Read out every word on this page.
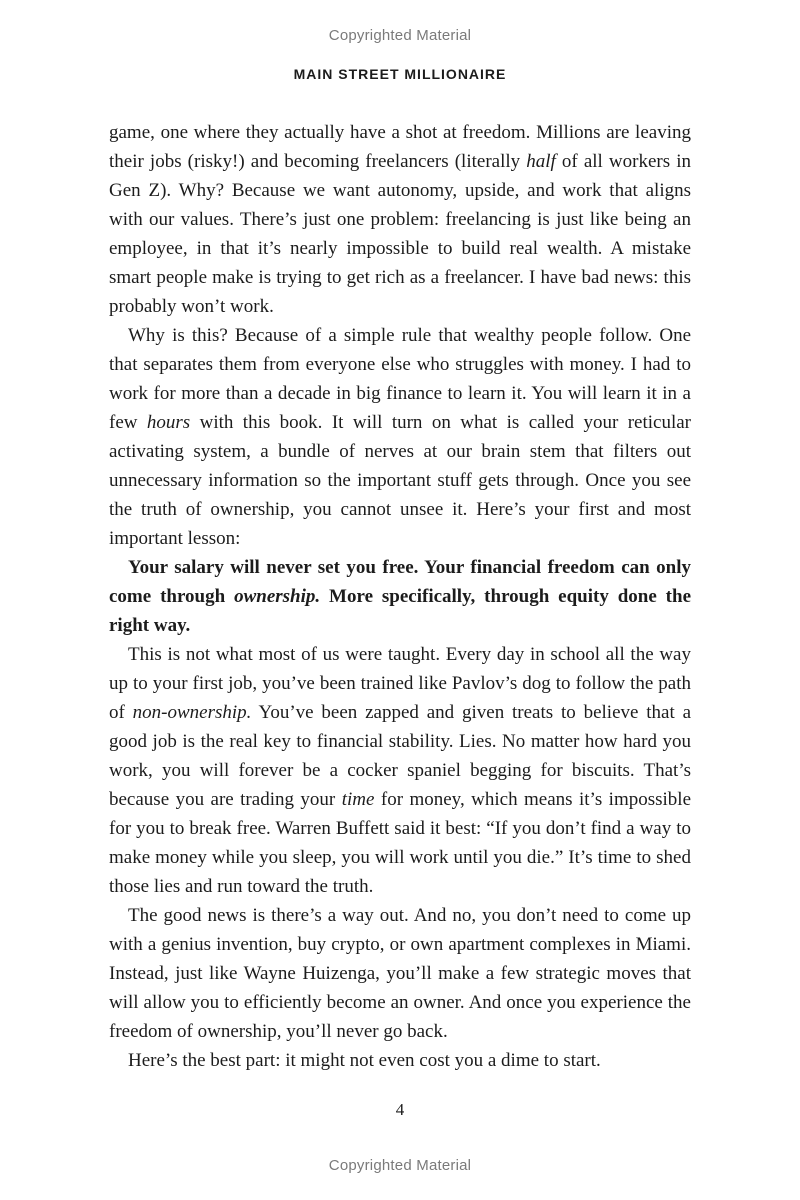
Copyrighted Material
MAIN STREET MILLIONAIRE

game, one where they actually have a shot at freedom. Millions are leaving their jobs (risky!) and becoming freelancers (literally half of all workers in Gen Z). Why? Because we want autonomy, upside, and work that aligns with our values. There’s just one problem: freelancing is just like being an employee, in that it’s nearly impossible to build real wealth. A mistake smart people make is trying to get rich as a freelancer. I have bad news: this probably won’t work.

Why is this? Because of a simple rule that wealthy people follow. One that separates them from everyone else who struggles with money. I had to work for more than a decade in big finance to learn it. You will learn it in a few hours with this book. It will turn on what is called your reticular activating system, a bundle of nerves at our brain stem that filters out unnecessary information so the important stuff gets through. Once you see the truth of ownership, you cannot unsee it. Here’s your first and most important lesson:

Your salary will never set you free. Your financial freedom can only come through ownership. More specifically, through equity done the right way.

This is not what most of us were taught. Every day in school all the way up to your first job, you’ve been trained like Pavlov’s dog to follow the path of non-ownership. You’ve been zapped and given treats to believe that a good job is the real key to financial stability. Lies. No matter how hard you work, you will forever be a cocker spaniel begging for biscuits. That’s because you are trading your time for money, which means it’s impossible for you to break free. Warren Buffett said it best: “If you don’t find a way to make money while you sleep, you will work until you die.” It’s time to shed those lies and run toward the truth.

The good news is there’s a way out. And no, you don’t need to come up with a genius invention, buy crypto, or own apartment complexes in Miami. Instead, just like Wayne Huizenga, you’ll make a few strategic moves that will allow you to efficiently become an owner. And once you experience the freedom of ownership, you’ll never go back.

Here’s the best part: it might not even cost you a dime to start.

4
Copyrighted Material
